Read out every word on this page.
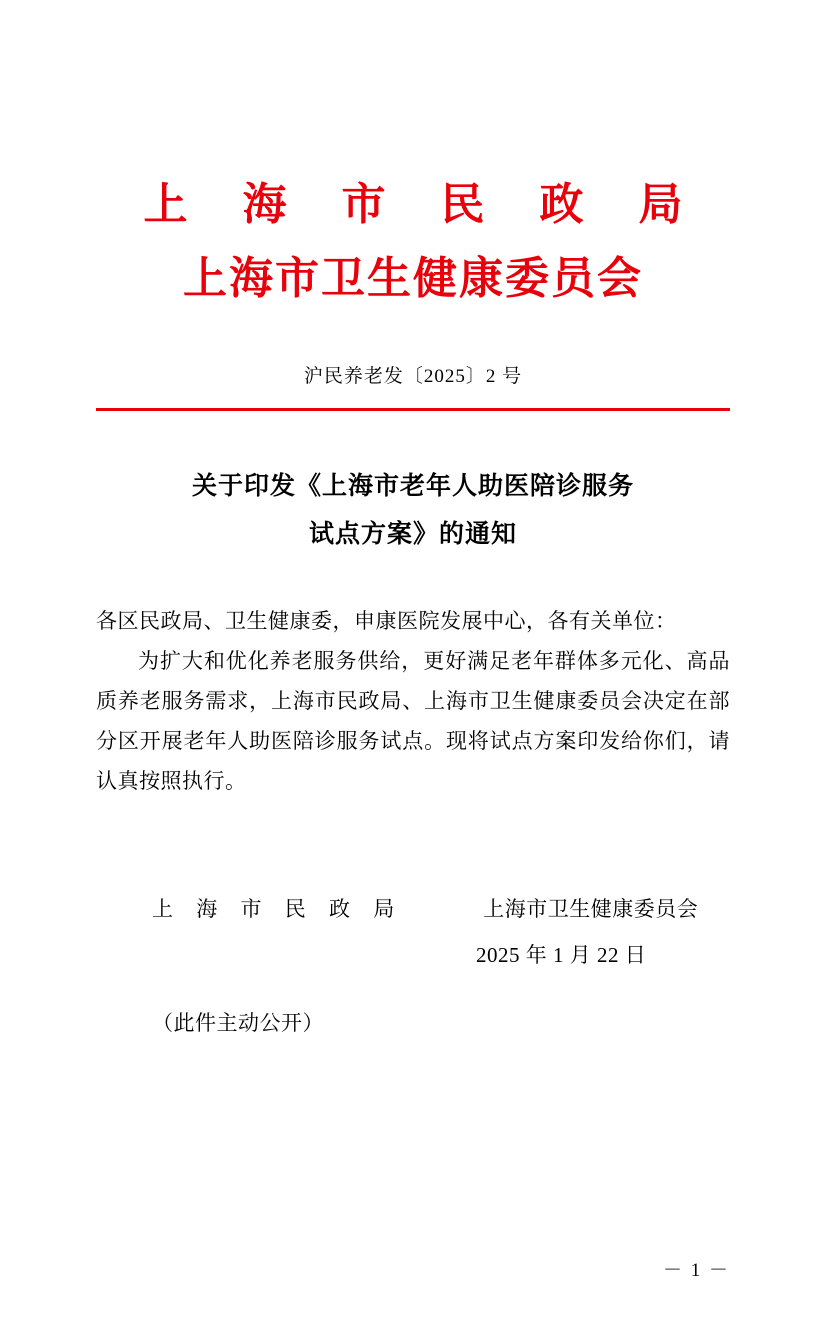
上 海 市 民 政 局
上海市卫生健康委员会
沪民养老发〔2025〕2 号
关于印发《上海市老年人助医陪诊服务
试点方案》的通知
各区民政局、卫生健康委，申康医院发展中心，各有关单位：
为扩大和优化养老服务供给，更好满足老年群体多元化、高品质养老服务需求，上海市民政局、上海市卫生健康委员会决定在部分区开展老年人助医陪诊服务试点。现将试点方案印发给你们，请认真按照执行。
上 海 市 民 政 局	上海市卫生健康委员会
2025 年 1 月 22 日
（此件主动公开）
－ 1 －
